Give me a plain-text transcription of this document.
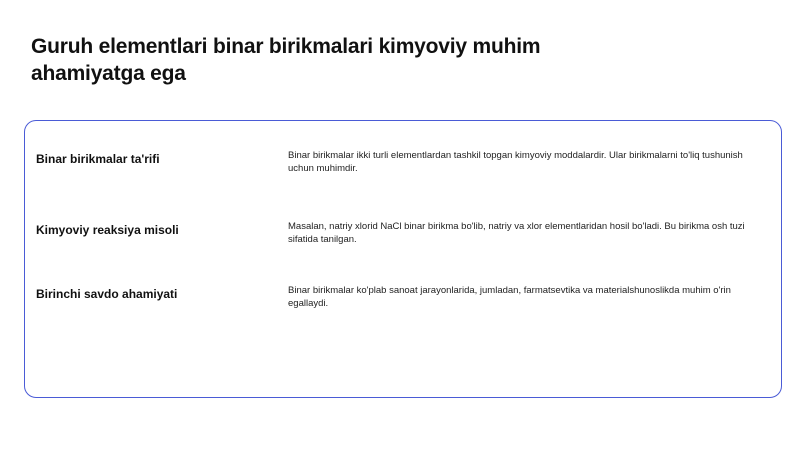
Guruh elementlari binar birikmalari kimyoviy muhim ahamiyatga ega
Binar birikmalar ta'rifi	Binar birikmalar ikki turli elementlardan tashkil topgan kimyoviy moddalardir. Ular birikmalarni to'liq tushunish uchun muhimdir.
Kimyoviy reaksiya misoli	Masalan, natriy xlorid NaCl binar birikma bo'lib, natriy va xlor elementlaridan hosil bo'ladi. Bu birikma osh tuzi sifatida tanilgan.
Birinchi savdo ahamiyati	Binar birikmalar ko'plab sanoat jarayonlarida, jumladan, farmatsevtika va materialshunoslikda muhim o'rin egallaydi.
